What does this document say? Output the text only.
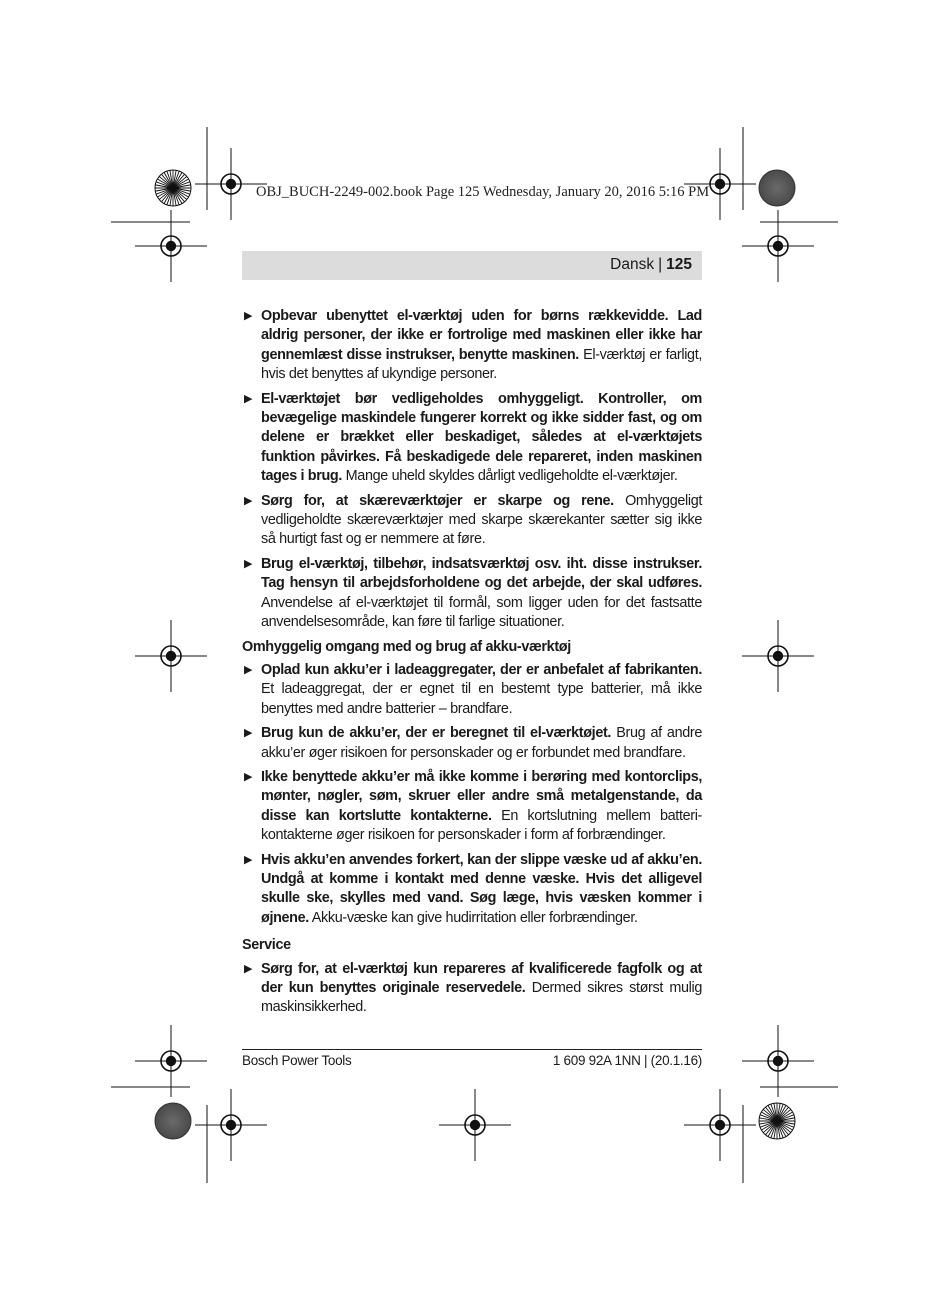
OBJ_BUCH-2249-002.book Page 125 Wednesday, January 20, 2016 5:16 PM
Dansk | 125
▶ Opbevar ubenyttet el-værktøj uden for børns rækkevidde. Lad aldrig personer, der ikke er fortrolige med maskinen eller ikke har gennemlæst disse instrukser, benytte maskinen. El-værktøj er farligt, hvis det benyttes af ukyndige personer.

▶ El-værktøjet bør vedligeholdes omhyggeligt. Kontroller, om bevægelige maskindele fungerer korrekt og ikke sidder fast, og om delene er brækket eller beskadiget, således at el-værktøjets funktion påvirkes. Få beskadigede dele repareret, inden maskinen tages i brug. Mange uheld skyldes dårligt vedligeholdte el-værktøjer.

▶ Sørg for, at skæreværktøjer er skarpe og rene. Omhyggeligt vedligeholdte skæreværktøjer med skarpe skærekanter sætter sig ikke så hurtigt fast og er nemmere at føre.

▶ Brug el-værktøj, tilbehør, indsatsværktøj osv. iht. disse instrukser. Tag hensyn til arbejdsforholdene og det arbejde, der skal udføres. Anvendelse af el-værktøjet til formål, som ligger uden for det fastsatte anvendelsesområde, kan føre til farlige situationer.

Omhyggelig omgang med og brug af akku-værktøj
▶ Oplad kun akku’er i ladeaggregater, der er anbefalet af fabrikanten. Et ladeaggregat, der er egnet til en bestemt type batterier, må ikke benyttes med andre batterier – brandfare.

▶ Brug kun de akku’er, der er beregnet til el-værktøjet. Brug af andre akku’er øger risikoen for personskader og er forbundet med brandfare.

▶ Ikke benyttede akku’er må ikke komme i berøring med kontorclips, mønter, nøgler, søm, skruer eller andre små metalgenstande, da disse kan kortslutte kontakterne. En kortslutning mellem batteri-kontakterne øger risikoen for personskader i form af forbrændinger.

▶ Hvis akku’en anvendes forkert, kan der slippe væske ud af akku’en. Undgå at komme i kontakt med denne væske. Hvis det alligevel skulle ske, skylles med vand. Søg læge, hvis væsken kommer i øjnene. Akku-væske kan give hudirritation eller forbrændinger.

Service
▶ Sørg for, at el-værktøj kun repareres af kvalificerede fagfolk og at der kun benyttes originale reservedele. Dermed sikres størst mulig maskinsikkerhed.

Bosch Power Tools	1 609 92A 1NN | (20.1.16)
